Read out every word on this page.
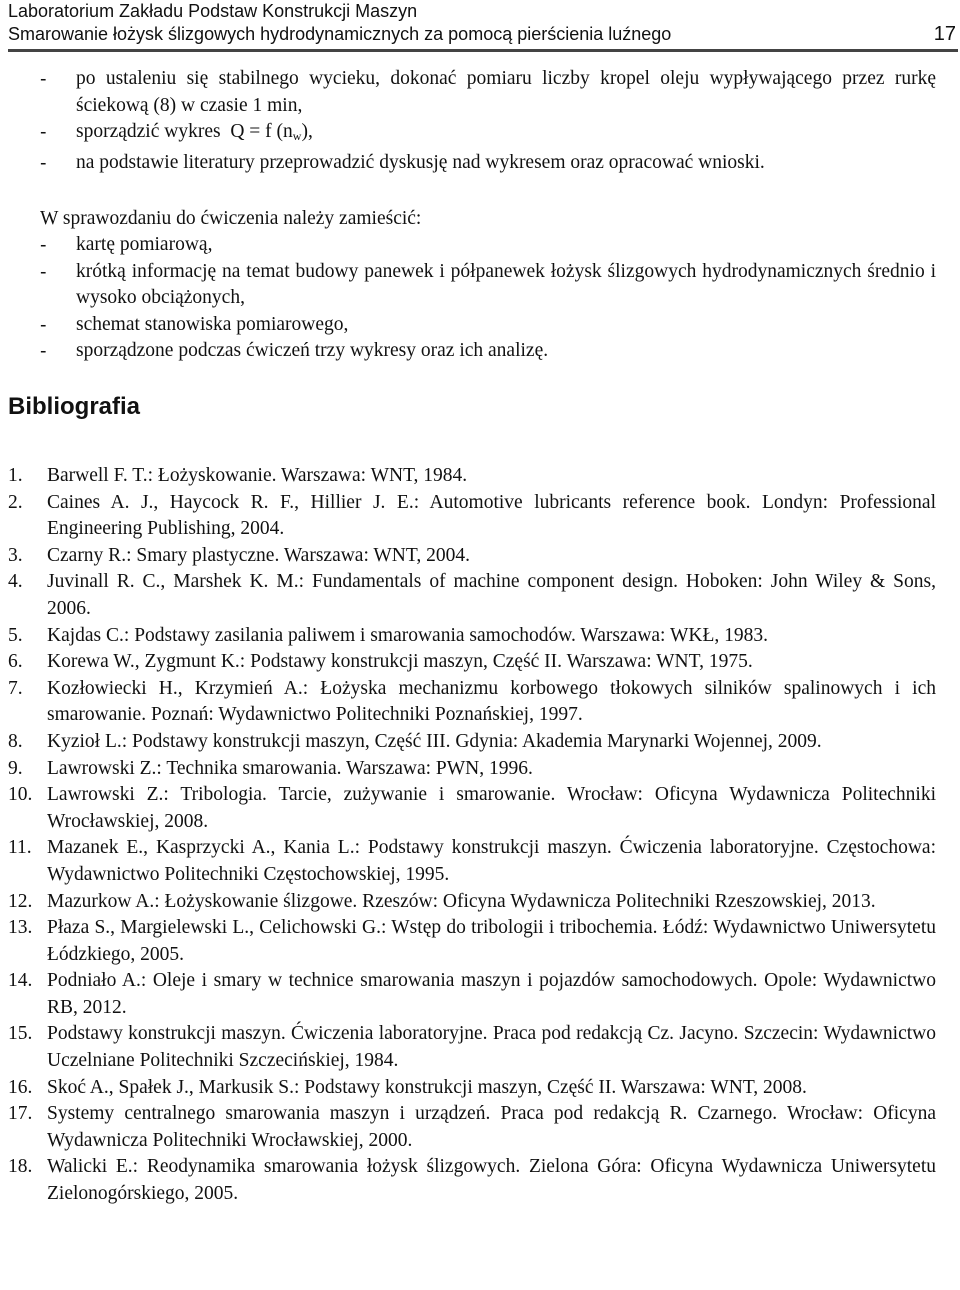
Laboratorium Zakładu Podstaw Konstrukcji Maszyn
Smarowanie łożysk ślizgowych hydrodynamicznych za pomocą pierścienia luźnego	17
- po ustaleniu się stabilnego wycieku, dokonać pomiaru liczby kropel oleju wypływającego przez rurkę ściekową (8) w czasie 1 min,
- sporządzić wykres Q = f $(n_w)$,
- na podstawie literatury przeprowadzić dyskusję nad wykresem oraz opracować wnioski.
W sprawozdaniu do ćwiczenia należy zamieścić:
- kartę pomiarową,
- krótką informację na temat budowy panewek i półpanewek łożysk ślizgowych hydrodynamicznych średnio i wysoko obciążonych,
- schemat stanowiska pomiarowego,
- sporządzone podczas ćwiczeń trzy wykresy oraz ich analizę.
Bibliografia
1. Barwell F. T.: Łożyskowanie. Warszawa: WNT, 1984.
2. Caines A. J., Haycock R. F., Hillier J. E.: Automotive lubricants reference book. Londyn: Professional Engineering Publishing, 2004.
3. Czarny R.: Smary plastyczne. Warszawa: WNT, 2004.
4. Juvinall R. C., Marshek K. M.: Fundamentals of machine component design. Hoboken: John Wiley & Sons, 2006.
5. Kajdas C.: Podstawy zasilania paliwem i smarowania samochodów. Warszawa: WKŁ, 1983.
6. Korewa W., Zygmunt K.: Podstawy konstrukcji maszyn, Część II. Warszawa: WNT, 1975.
7. Kozłowiecki H., Krzymień A.: Łożyska mechanizmu korbowego tłokowych silników spalinowych i ich smarowanie. Poznań: Wydawnictwo Politechniki Poznańskiej, 1997.
8. Kyzioł L.: Podstawy konstrukcji maszyn, Część III. Gdynia: Akademia Marynarki Wojennej, 2009.
9. Lawrowski Z.: Technika smarowania. Warszawa: PWN, 1996.
10. Lawrowski Z.: Tribologia. Tarcie, zużywanie i smarowanie. Wrocław: Oficyna Wydawnicza Politechniki Wrocławskiej, 2008.
11. Mazanek E., Kasprzycki A., Kania L.: Podstawy konstrukcji maszyn. Ćwiczenia laboratoryjne. Częstochowa: Wydawnictwo Politechniki Częstochowskiej, 1995.
12. Mazurkow A.: Łożyskowanie ślizgowe. Rzeszów: Oficyna Wydawnicza Politechniki Rzeszowskiej, 2013.
13. Płaza S., Margielewski L., Celichowski G.: Wstęp do tribologii i tribochemia. Łódź: Wydawnictwo Uniwersytetu Łódzkiego, 2005.
14. Podniało A.: Oleje i smary w technice smarowania maszyn i pojazdów samochodowych. Opole: Wydawnictwo RB, 2012.
15. Podstawy konstrukcji maszyn. Ćwiczenia laboratoryjne. Praca pod redakcją Cz. Jacyno. Szczecin: Wydawnictwo Uczelniane Politechniki Szczecińskiej, 1984.
16. Skoć A., Spałek J., Markusik S.: Podstawy konstrukcji maszyn, Część II. Warszawa: WNT, 2008.
17. Systemy centralnego smarowania maszyn i urządzeń. Praca pod redakcją R. Czarnego. Wrocław: Oficyna Wydawnicza Politechniki Wrocławskiej, 2000.
18. Walicki E.: Reodynamika smarowania łożysk ślizgowych. Zielona Góra: Oficyna Wydawnicza Uniwersytetu Zielonogórskiego, 2005.
